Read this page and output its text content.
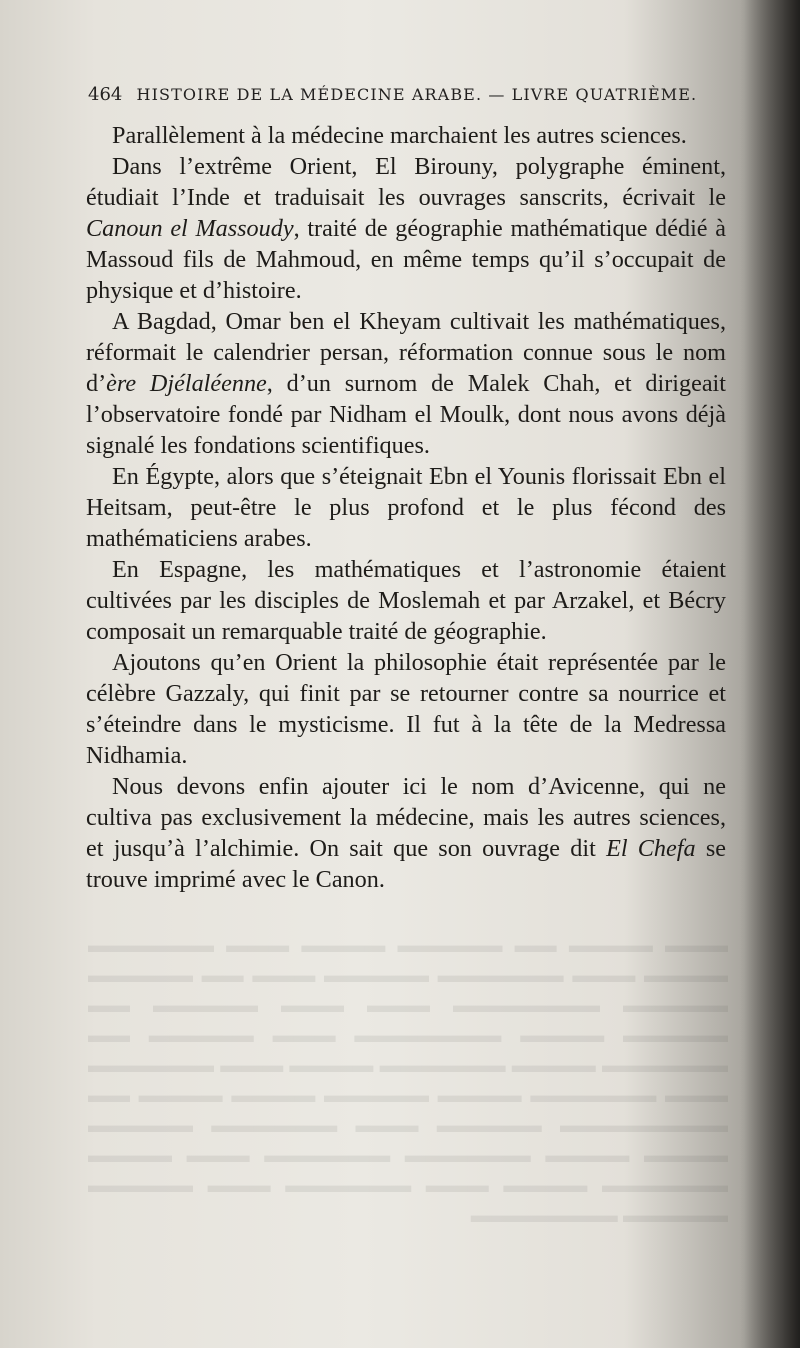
▬▬▬ ▬▬▬▬ ▬▬ ▬▬▬▬▬ ▬▬▬▬ ▬▬▬ ▬▬▬▬▬▬ ▬▬▬▬ ▬▬▬ ▬▬▬▬▬▬ ▬▬▬▬▬ ▬▬▬ ▬▬ ▬▬▬▬▬ ▬▬▬▬▬ ▬▬▬▬▬▬▬ ▬▬▬ ▬▬▬ ▬▬▬▬▬ ▬▬ ▬▬▬▬▬ ▬▬▬▬ ▬▬▬▬▬▬▬ ▬▬▬ ▬▬▬▬▬ ▬▬ ▬▬▬▬▬▬ ▬▬▬▬ ▬▬▬▬▬▬ ▬▬▬▬ ▬▬▬ ▬▬▬▬▬▬ ▬▬▬ ▬▬▬▬▬▬ ▬▬▬▬ ▬▬▬▬▬ ▬▬▬▬ ▬▬▬▬ ▬▬ ▬▬▬▬▬▬▬▬ ▬▬▬▬▬ ▬▬▬ ▬▬▬▬▬▬ ▬▬▬▬▬ ▬▬▬▬ ▬▬▬▬ ▬▬▬▬▬▬ ▬▬▬▬▬▬ ▬▬▬ ▬▬▬▬ ▬▬▬▬▬▬ ▬▬▬▬ ▬▬▬ ▬▬▬▬▬▬ ▬▬▬ ▬▬▬▬▬ ▬▬▬▬▬ ▬▬▬▬▬▬▬
464 HISTOIRE DE LA MÉDECINE ARABE. — LIVRE QUATRIÈME.

Parallèlement à la médecine marchaient les autres sciences.

Dans l’extrême Orient, El Birouny, polygraphe éminent, étudiait l’Inde et traduisait les ouvrages sanscrits, écrivait le Canoun el Massoudy, traité de géographie mathématique dédié à Massoud fils de Mahmoud, en même temps qu’il s’occupait de physique et d’histoire.

A Bagdad, Omar ben el Kheyam cultivait les mathématiques, réformait le calendrier persan, réformation connue sous le nom d’ère Djélaléenne, d’un surnom de Malek Chah, et dirigeait l’observatoire fondé par Nidham el Moulk, dont nous avons déjà signalé les fondations scientifiques.

En Égypte, alors que s’éteignait Ebn el Younis florissait Ebn el Heitsam, peut-être le plus profond et le plus fécond des mathématiciens arabes.

En Espagne, les mathématiques et l’astronomie étaient cultivées par les disciples de Moslemah et par Arzakel, et Bécry composait un remarquable traité de géographie.

Ajoutons qu’en Orient la philosophie était représentée par le célèbre Gazzaly, qui finit par se retourner contre sa nourrice et s’éteindre dans le mysticisme. Il fut à la tête de la Medressa Nidhamia.

Nous devons enfin ajouter ici le nom d’Avicenne, qui ne cultiva pas exclusivement la médecine, mais les autres sciences, et jusqu’à l’alchimie. On sait que son ouvrage dit El Chefa se trouve imprimé avec le Canon.
